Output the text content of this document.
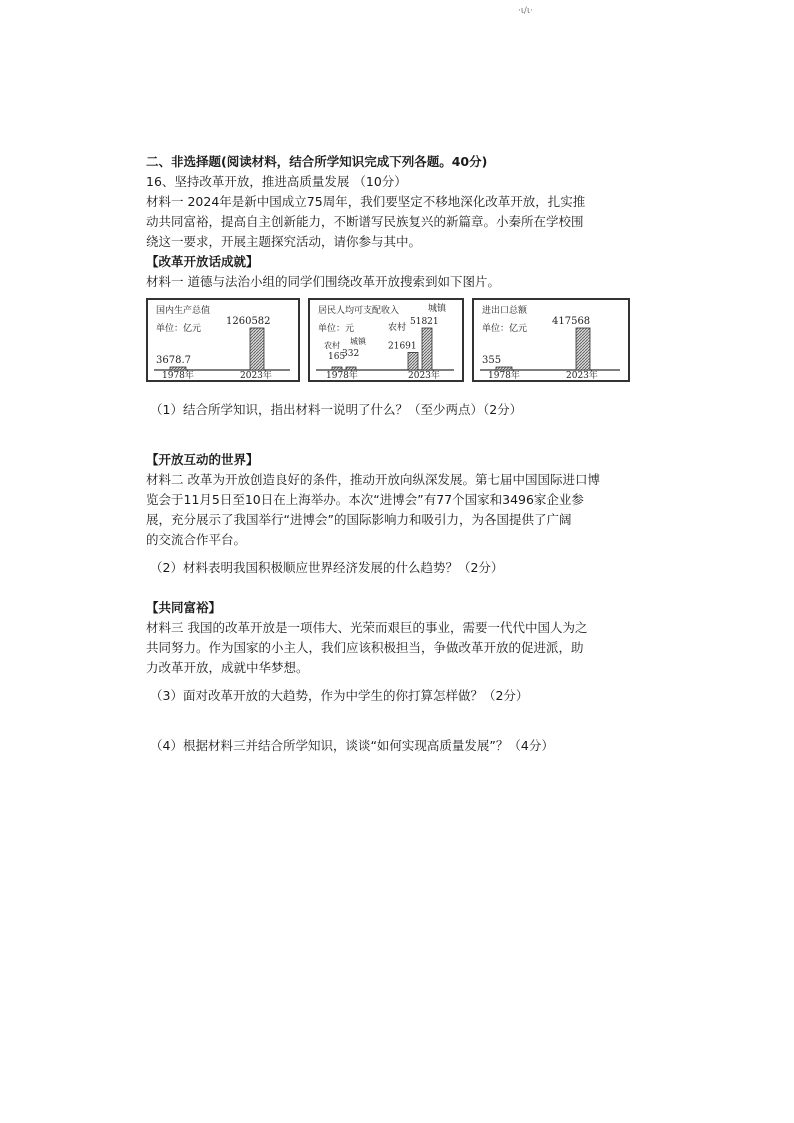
·ι/ι·
二、非选择题(阅读材料，结合所学知识完成下列各题。40分)
16、坚持改革开放，推进高质量发展 （10分）
材料一 2024年是新中国成立75周年，我们要坚定不移地深化改革开放，扎实推
动共同富裕，提高自主创新能力，不断谱写民族复兴的新篇章。小秦所在学校围
绕这一要求，开展主题探究活动，请你参与其中。
【改革开放话成就】
材料一 道德与法治小组的同学们围绕改革开放搜索到如下图片。
国内生产总值
单位：亿元
1978年	2023年
3678.7
1260582
居民人均可支配收入
单位：元
1978年	2023年
165
332
21691
51821
农村 城镇
农村
城镇	进出口总额
单位：亿元
1978年	2023年
355
417568
（1）结合所学知识，指出材料一说明了什么？（至少两点）（2分）
【开放互动的世界】
材料二 改革为开放创造良好的条件，推动开放向纵深发展。第七届中国国际进口博
览会于11月5日至10日在上海举办。本次“进博会”有77个国家和3496家企业参
展，充分展示了我国举行“进博会”的国际影响力和吸引力，为各国提供了广阔
的交流合作平台。
（2）材料表明我国积极顺应世界经济发展的什么趋势？（2分）
【共同富裕】
材料三 我国的改革开放是一项伟大、光荣而艰巨的事业，需要一代代中国人为之
共同努力。作为国家的小主人，我们应该积极担当，争做改革开放的促进派，助
力改革开放，成就中华梦想。
（3）面对改革开放的大趋势，作为中学生的你打算怎样做？（2分）
（4）根据材料三并结合所学知识，谈谈“如何实现高质量发展”？（4分）
